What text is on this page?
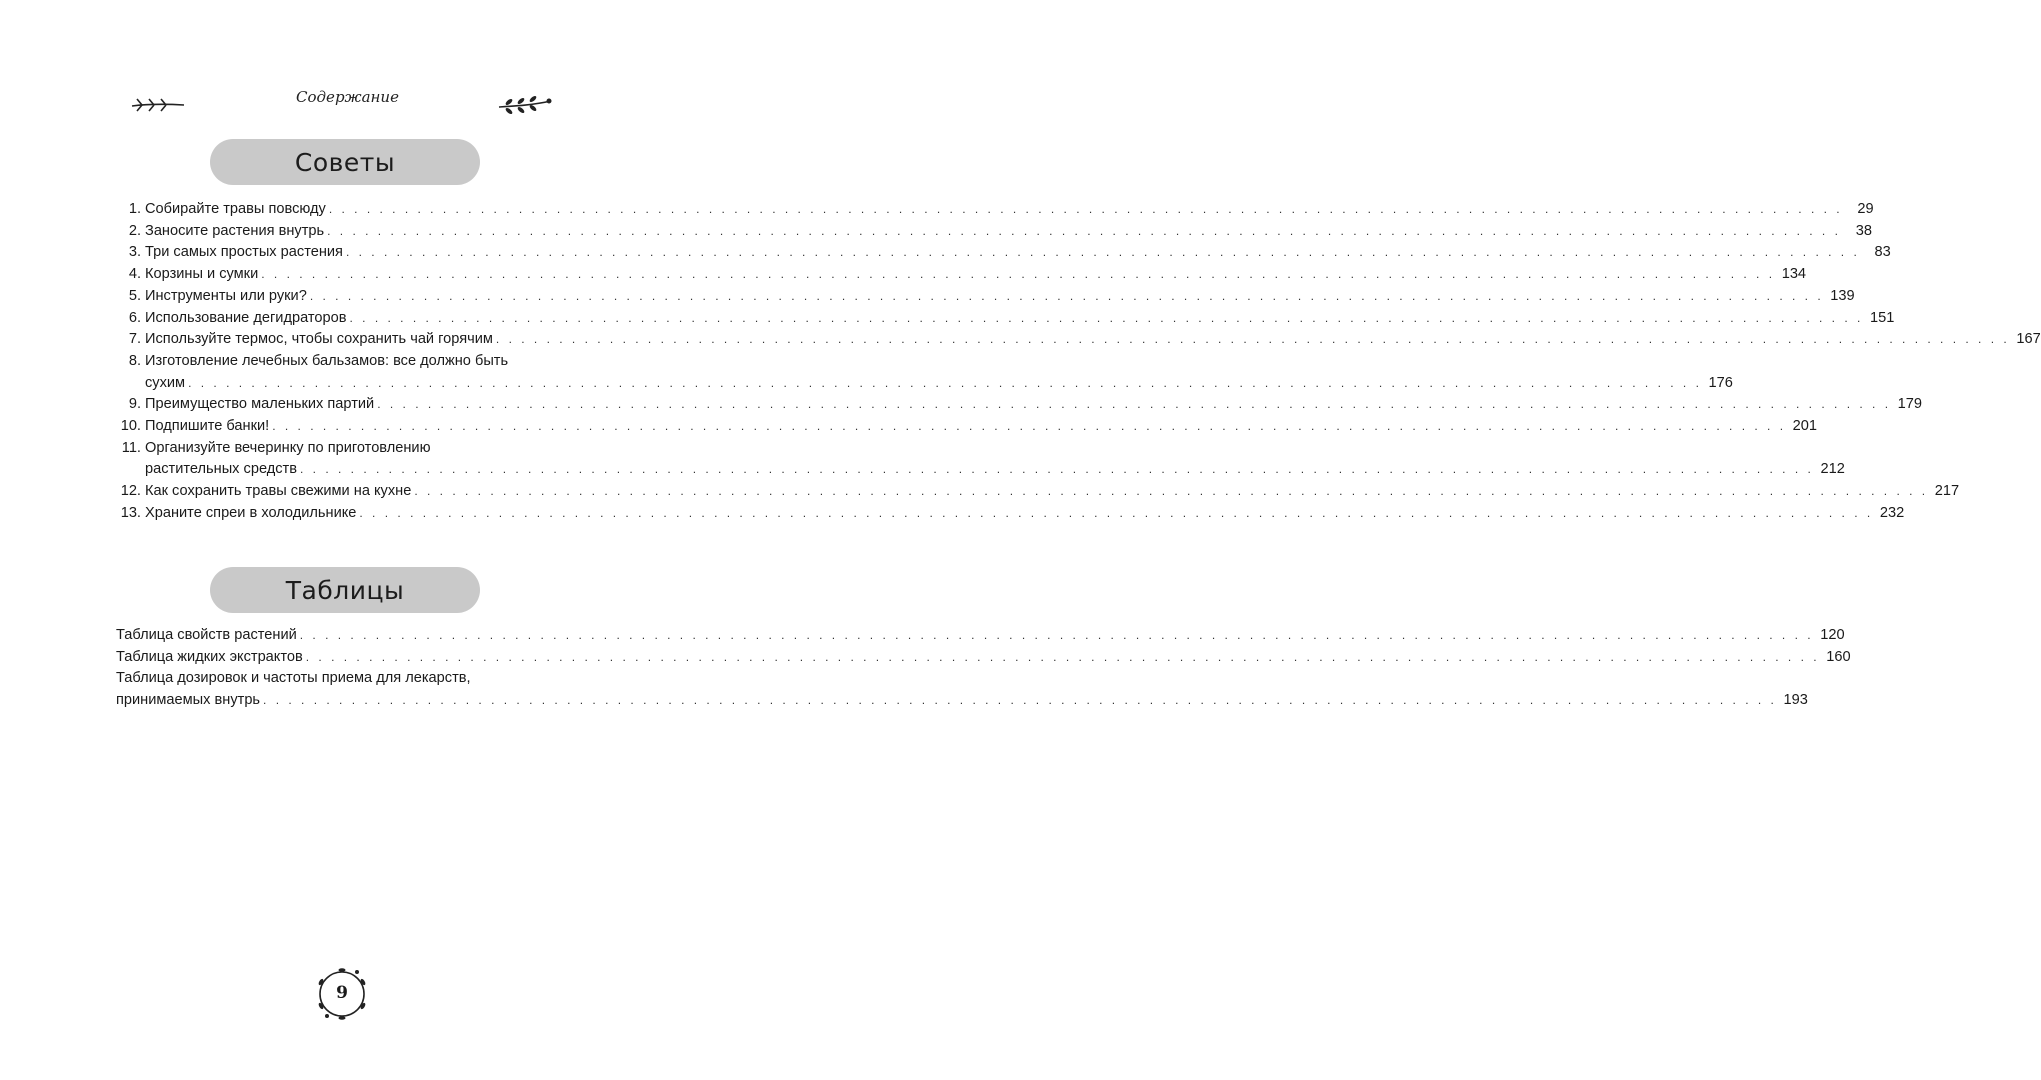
Содержание
Советы
1. Собирайте травы повсюду . . . . . . . . . . . . . . . . . . . . . . . . . . . . . . . . . . . . . . . . . . . . . . . . . . . . . . . . . . . . . . . . . . . . . . . . . . . . . . . . . . . . . . . . . . . . . . . . . . . . . . . . . . . . . . . . . . . . . . . .	29
2. Заносите растения внутрь . . . . . . . . . . . . . . . . . . . . . . . . . . . . . . . . . . . . . . . . . . . . . . . . . . . . . . . . . . . . . . . . . . . . . . . . . . . . . . . . . . . . . . . . . . . . . . . . . . . . . . . . . . . . . . . . . . . . . . . .	38
3. Три самых простых растения . . . . . . . . . . . . . . . . . . . . . . . . . . . . . . . . . . . . . . . . . . . . . . . . . . . . . . . . . . . . . . . . . . . . . . . . . . . . . . . . . . . . . . . . . . . . . . . . . . . . . . . . . . . . . . . . . . . . . . . .	83
4. Корзины и сумки . . . . . . . . . . . . . . . . . . . . . . . . . . . . . . . . . . . . . . . . . . . . . . . . . . . . . . . . . . . . . . . . . . . . . . . . . . . . . . . . . . . . . . . . . . . . . . . . . . . . . . . . . . . . . . . . . . . . . . . . 134
5. Инструменты или руки? . . . . . . . . . . . . . . . . . . . . . . . . . . . . . . . . . . . . . . . . . . . . . . . . . . . . . . . . . . . . . . . . . . . . . . . . . . . . . . . . . . . . . . . . . . . . . . . . . . . . . . . . . . . . . . . . . . . . . . . . 139
6. Использование дегидраторов . . . . . . . . . . . . . . . . . . . . . . . . . . . . . . . . . . . . . . . . . . . . . . . . . . . . . . . . . . . . . . . . . . . . . . . . . . . . . . . . . . . . . . . . . . . . . . . . . . . . . . . . . . . . . . . . . . . . . . . . 151
7. Используйте термос, чтобы сохранить чай горячим . . . . . . . . . . . . . . . . . . . . . . . . . . . . . . . . . . . . . . . . . . . . . . . . . . . . . . . . . . . . . . . . . . . . . . . . . . . . . . . . . . . . . . . . . . . . . . . . . . . . . . . . . . . . . . . . . . . . . . . . 167
8. Изготовление лечебных бальзамов: все должно быть
сухим . . . . . . . . . . . . . . . . . . . . . . . . . . . . . . . . . . . . . . . . . . . . . . . . . . . . . . . . . . . . . . . . . . . . . . . . . . . . . . . . . . . . . . . . . . . . . . . . . . . . . . . . . . . . . . . . . . . . . . . . 176
9. Преимущество маленьких партий . . . . . . . . . . . . . . . . . . . . . . . . . . . . . . . . . . . . . . . . . . . . . . . . . . . . . . . . . . . . . . . . . . . . . . . . . . . . . . . . . . . . . . . . . . . . . . . . . . . . . . . . . . . . . . . . . . . . . . . . 179
10. Подпишите банки! . . . . . . . . . . . . . . . . . . . . . . . . . . . . . . . . . . . . . . . . . . . . . . . . . . . . . . . . . . . . . . . . . . . . . . . . . . . . . . . . . . . . . . . . . . . . . . . . . . . . . . . . . . . . . . . . . . . . . . . . 201
11. Организуйте вечеринку по приготовлению
растительных средств . . . . . . . . . . . . . . . . . . . . . . . . . . . . . . . . . . . . . . . . . . . . . . . . . . . . . . . . . . . . . . . . . . . . . . . . . . . . . . . . . . . . . . . . . . . . . . . . . . . . . . . . . . . . . . . . . . . . . . . . 212
12. Как сохранить травы свежими на кухне . . . . . . . . . . . . . . . . . . . . . . . . . . . . . . . . . . . . . . . . . . . . . . . . . . . . . . . . . . . . . . . . . . . . . . . . . . . . . . . . . . . . . . . . . . . . . . . . . . . . . . . . . . . . . . . . . . . . . . . . 217
13. Храните спреи в холодильнике . . . . . . . . . . . . . . . . . . . . . . . . . . . . . . . . . . . . . . . . . . . . . . . . . . . . . . . . . . . . . . . . . . . . . . . . . . . . . . . . . . . . . . . . . . . . . . . . . . . . . . . . . . . . . . . . . . . . . . . . 232
Таблицы
Таблица свойств растений . . . . . . . . . . . . . . . . . . . . . . . . . . . . . . . . . . . . . . . . . . . . . . . . . . . . . . . . . . . . . . . . . . . . . . . . . . . . . . . . . . . . . . . . . . . . . . . . . . . . . . . . . . . . . . . . . . . . . . . . 120
Таблица жидких экстрактов . . . . . . . . . . . . . . . . . . . . . . . . . . . . . . . . . . . . . . . . . . . . . . . . . . . . . . . . . . . . . . . . . . . . . . . . . . . . . . . . . . . . . . . . . . . . . . . . . . . . . . . . . . . . . . . . . . . . . . . . 160
Таблица дозировок и частоты приема для лекарств,
принимаемых внутрь . . . . . . . . . . . . . . . . . . . . . . . . . . . . . . . . . . . . . . . . . . . . . . . . . . . . . . . . . . . . . . . . . . . . . . . . . . . . . . . . . . . . . . . . . . . . . . . . . . . . . . . . . . . . . . . . . . . . . . . . 193
9
